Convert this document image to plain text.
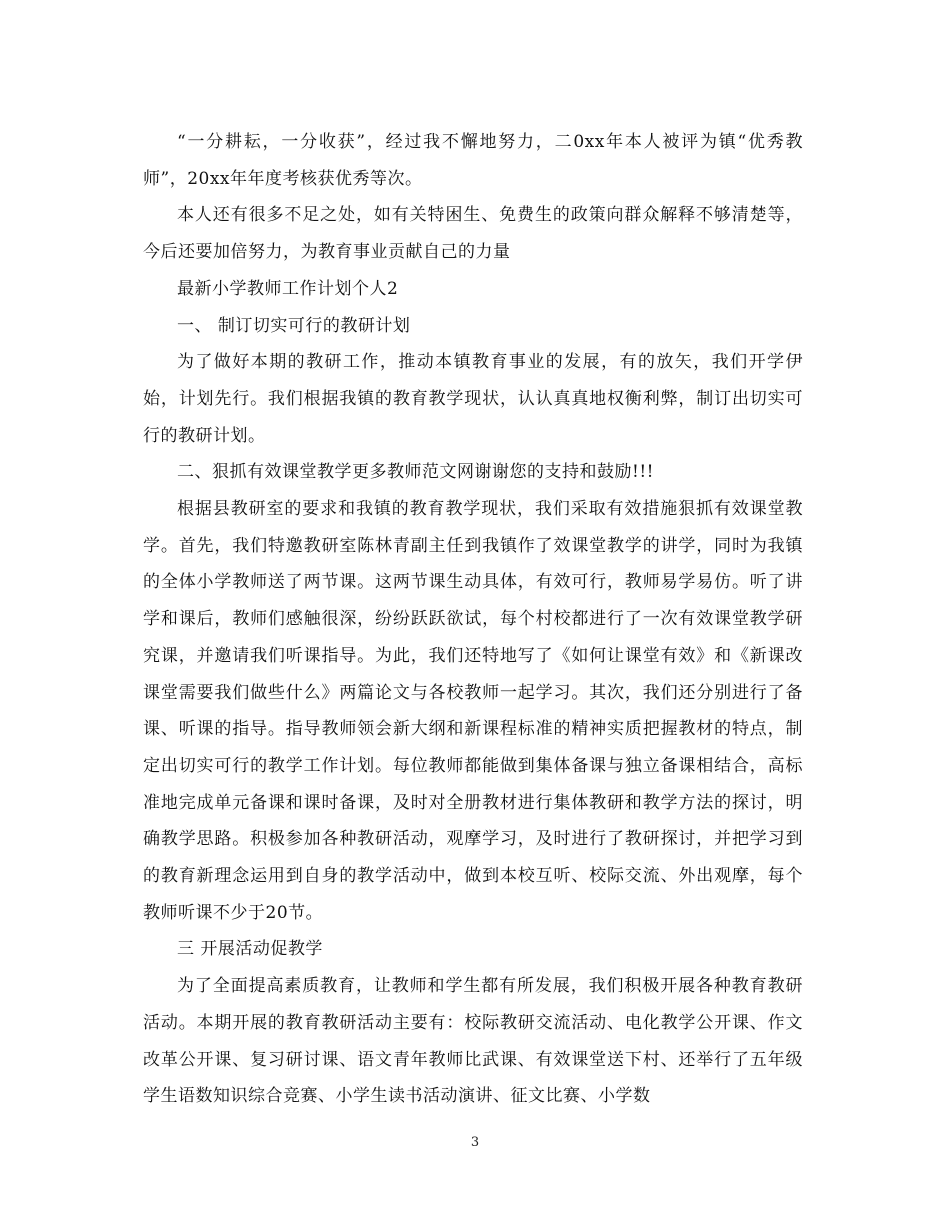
“一分耕耘，一分收获”，经过我不懈地努力，二0xx年本人被评为镇“优秀教师”，20xx年年度考核获优秀等次。

本人还有很多不足之处，如有关特困生、免费生的政策向群众解释不够清楚等，今后还要加倍努力，为教育事业贡献自己的力量

最新小学教师工作计划个人2

一、 制订切实可行的教研计划

为了做好本期的教研工作，推动本镇教育事业的发展，有的放矢，我们开学伊始，计划先行。我们根据我镇的教育教学现状，认认真真地权衡利弊，制订出切实可行的教研计划。

二、狠抓有效课堂教学更多教师范文网谢谢您的支持和鼓励!!!

根据县教研室的要求和我镇的教育教学现状，我们采取有效措施狠抓有效课堂教学。首先，我们特邀教研室陈林青副主任到我镇作了效课堂教学的讲学，同时为我镇的全体小学教师送了两节课。这两节课生动具体，有效可行，教师易学易仿。听了讲学和课后，教师们感触很深，纷纷跃跃欲试，每个村校都进行了一次有效课堂教学研究课，并邀请我们听课指导。为此，我们还特地写了《如何让课堂有效》和《新课改课堂需要我们做些什么》两篇论文与各校教师一起学习。其次，我们还分别进行了备课、听课的指导。指导教师领会新大纲和新课程标准的精神实质把握教材的特点，制定出切实可行的教学工作计划。每位教师都能做到集体备课与独立备课相结合，高标准地完成单元备课和课时备课，及时对全册教材进行集体教研和教学方法的探讨，明确教学思路。积极参加各种教研活动，观摩学习，及时进行了教研探讨，并把学习到的教育新理念运用到自身的教学活动中，做到本校互听、校际交流、外出观摩，每个教师听课不少于20节。

三 开展活动促教学

为了全面提高素质教育，让教师和学生都有所发展，我们积极开展各种教育教研活动。本期开展的教育教研活动主要有：校际教研交流活动、电化教学公开课、作文改革公开课、复习研讨课、语文青年教师比武课、有效课堂送下村、还举行了五年级学生语数知识综合竞赛、小学生读书活动演讲、征文比赛、小学数

3
